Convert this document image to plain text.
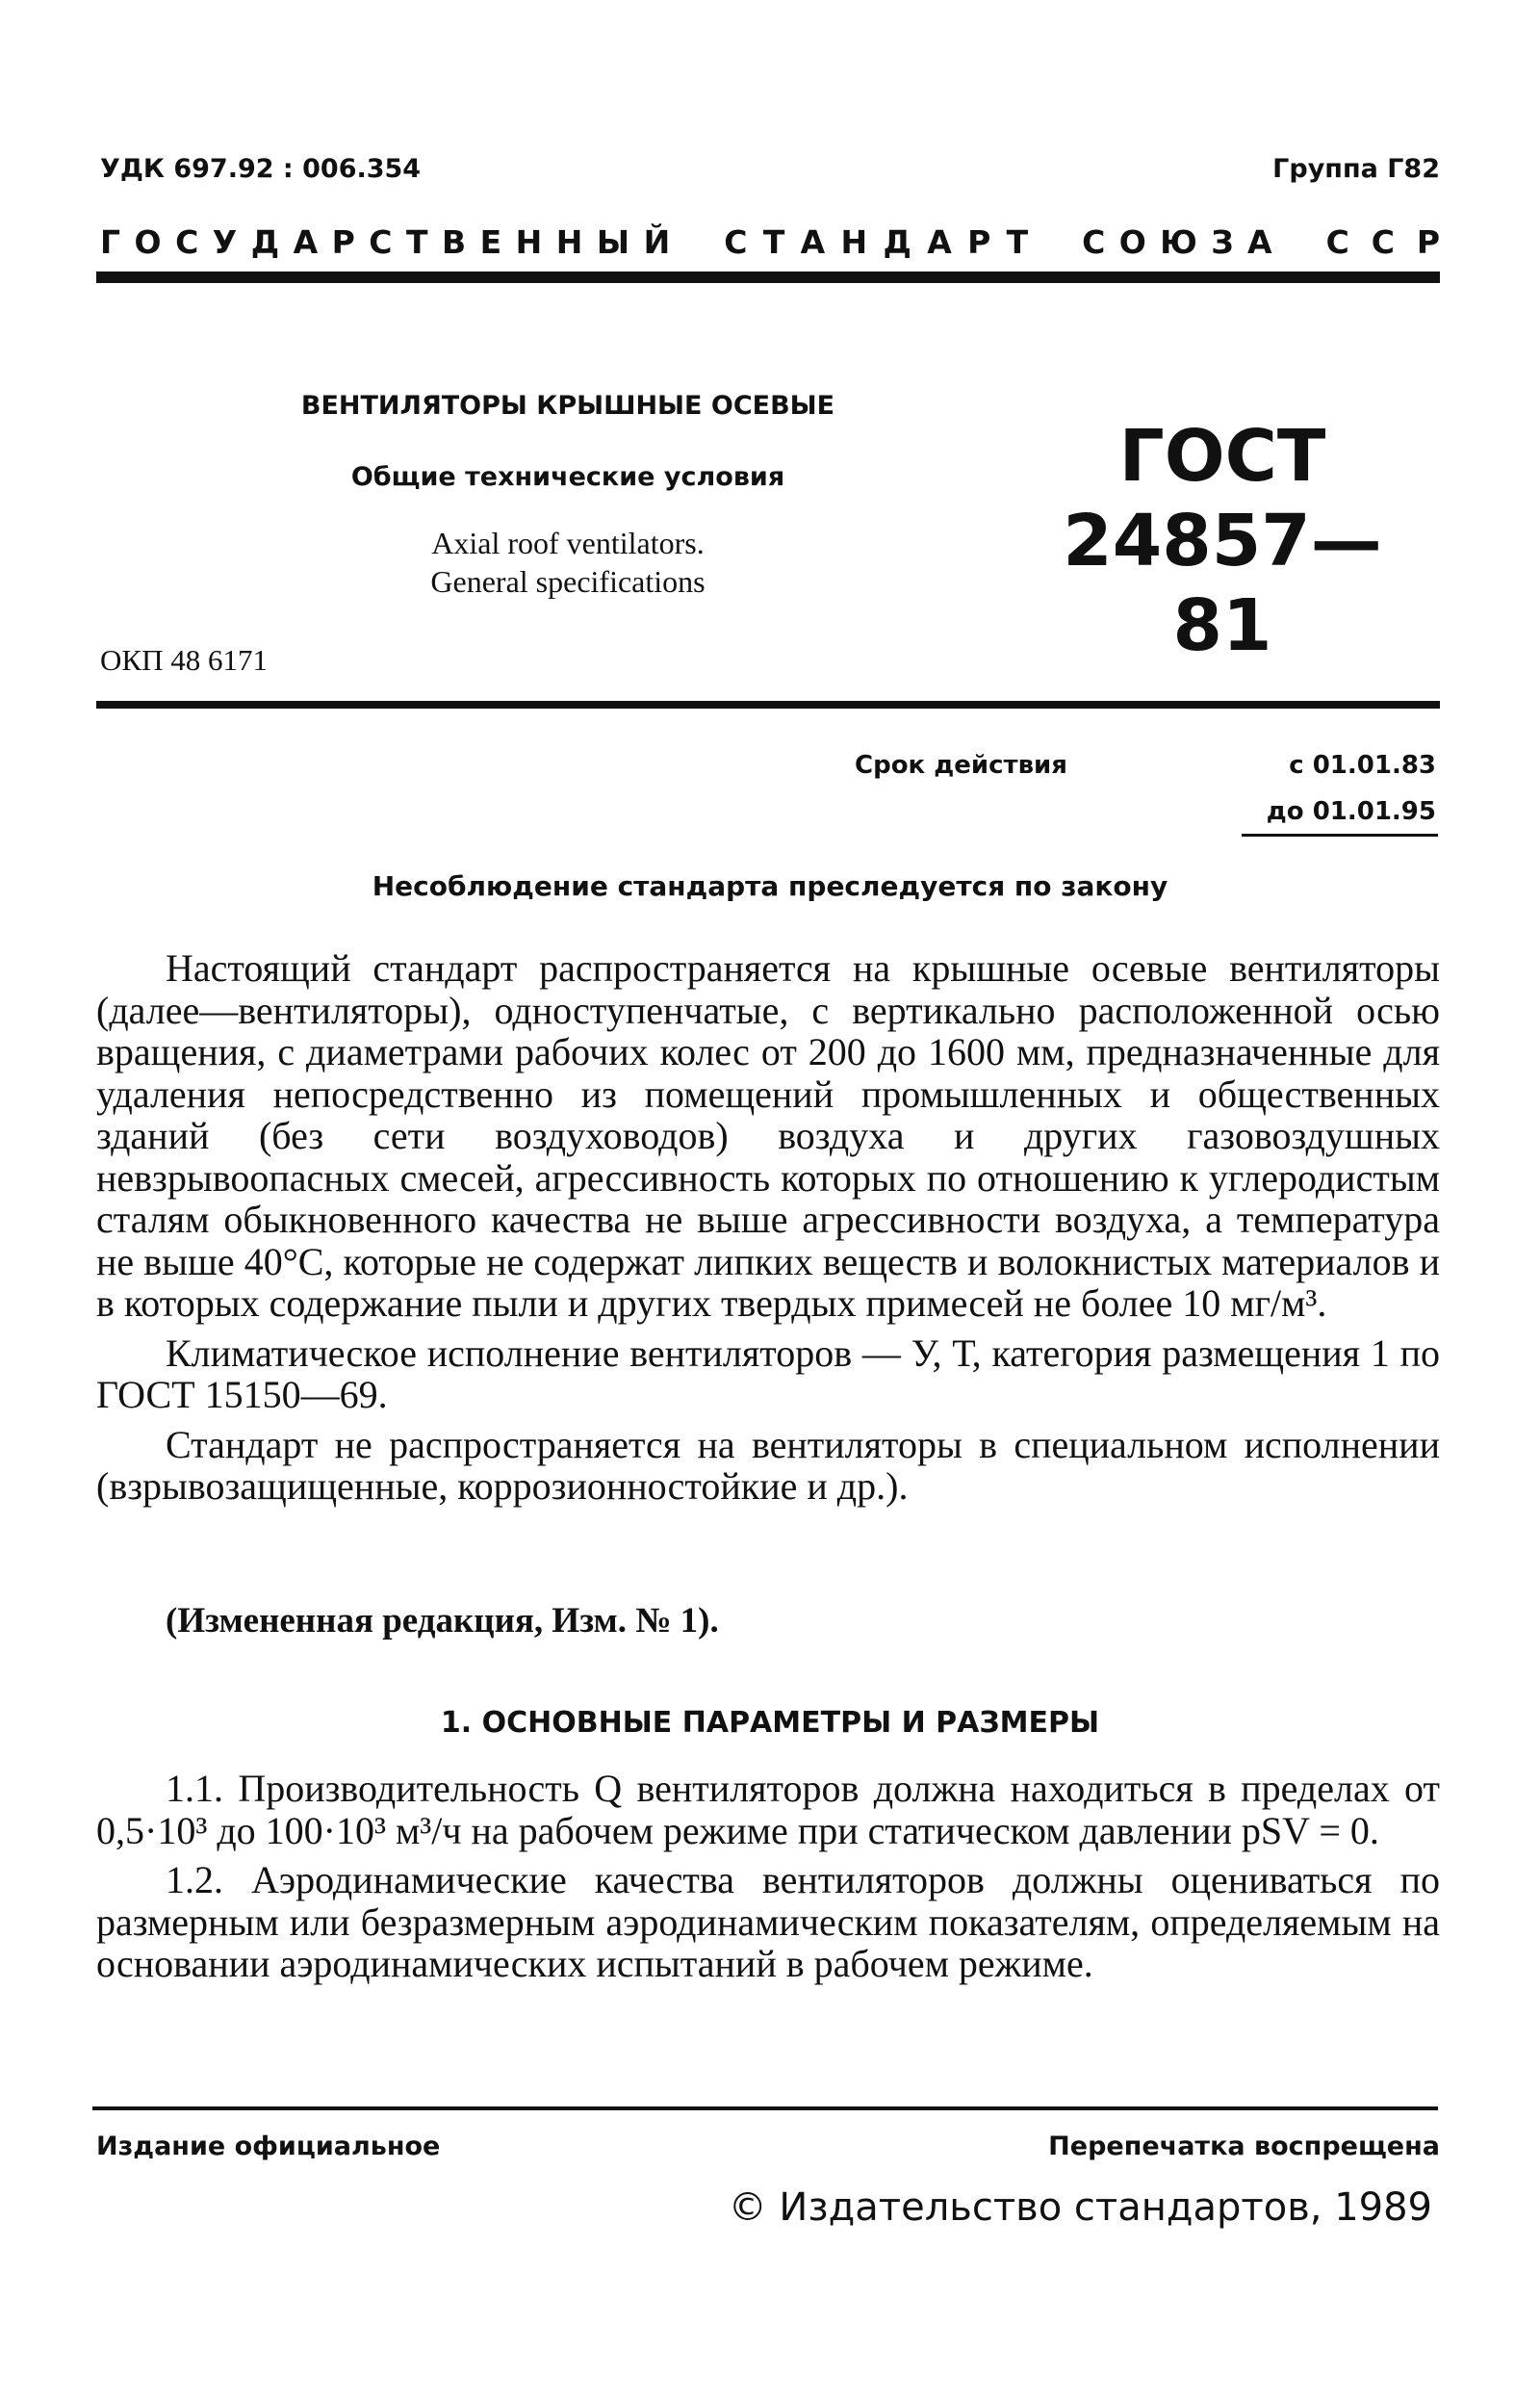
УДК 697.92 : 006.354	Группа Г82
Г О С У Д А Р С Т В Е Н Н Ы Й С Т А Н Д А Р Т С О Ю З А С С Р
ВЕНТИЛЯТОРЫ КРЫШНЫЕ ОСЕВЫЕ
Общие технические условия
Axial roof ventilators.
General specifications
ГОСТ
24857—81
ОКП 48 6171
Срок действия	с 01.01.83
до 01.01.95
Несоблюдение стандарта преследуется по закону

Настоящий стандарт распространяется на крышные осевые вентиляторы (далее—вентиляторы), одноступенчатые, с вертикально расположенной осью вращения, с диаметрами рабочих колес от 200 до 1600 мм, предназначенные для удаления непосредственно из помещений промышленных и общественных зданий (без сети воздуховодов) воздуха и других газовоздушных невзрывоопасных смесей, агрессивность которых по отношению к углеродистым сталям обыкновенного качества не выше агрессивности воздуха, а температура не выше 40°С, которые не содержат липких веществ и волокнистых материалов и в которых содержание пыли и других твердых примесей не более 10 мг/м³.

Климатическое исполнение вентиляторов — У, Т, категория размещения 1 по ГОСТ 15150—69.

Стандарт не распространяется на вентиляторы в специальном исполнении (взрывозащищенные, коррозионностойкие и др.).

(Измененная редакция, Изм. № 1).
1. ОСНОВНЫЕ ПАРАМЕТРЫ И РАЗМЕРЫ

1.1. Производительность Q вентиляторов должна находиться в пределах от 0,5·10³ до 100·10³ м³/ч на рабочем режиме при статическом давлении pSV = 0.

1.2. Аэродинамические качества вентиляторов должны оцениваться по размерным или безразмерным аэродинамическим показателям, определяемым на основании аэродинамических испытаний в рабочем режиме.

Издание официальное	Перепечатка воспрещена
© Издательство стандартов, 1989
